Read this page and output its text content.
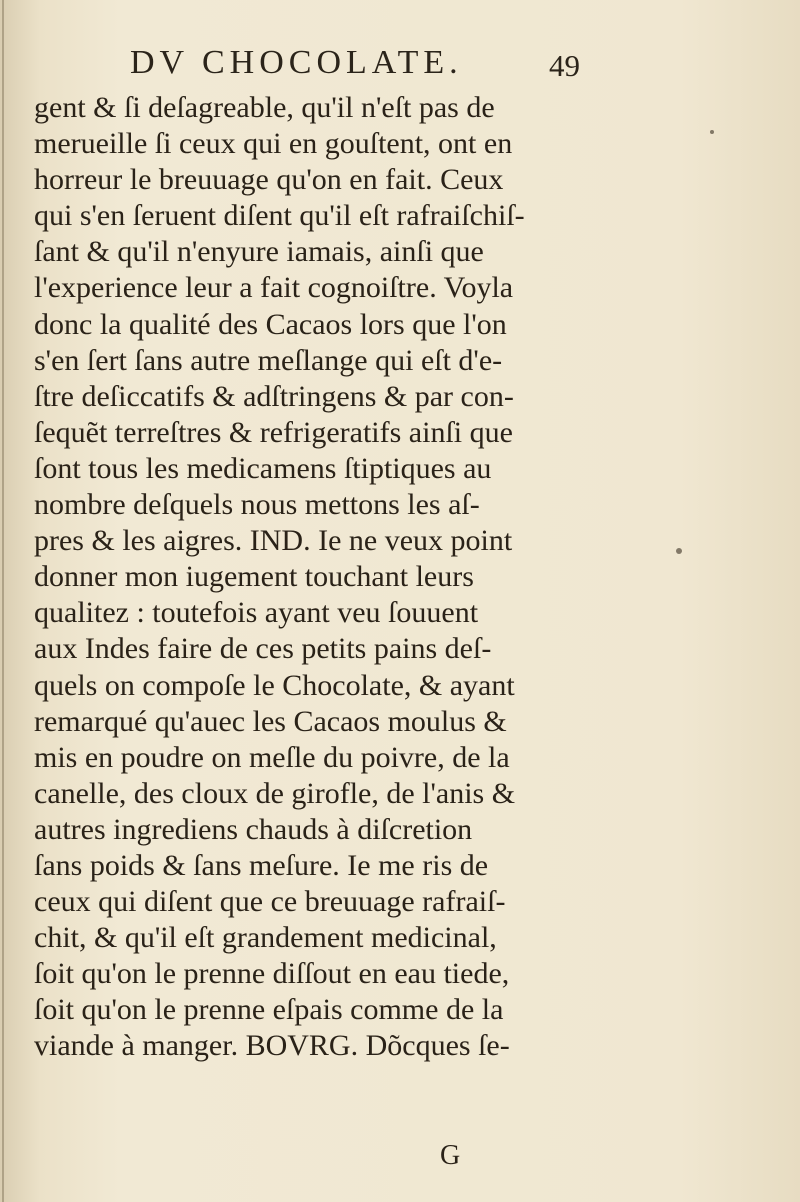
DV CHOCOLATE.	49
gent & ſi deſagreable, qu'il n'eſt pas de
merueille ſi ceux qui en gouſtent, ont en
horreur le breuuage qu'on en fait. Ceux
qui s'en ſeruent diſent qu'il eſt rafraiſchiſ-
ſant & qu'il n'enyure iamais, ainſi que
l'experience leur a fait cognoiſtre. Voyla
donc la qualité des Cacaos lors que l'on
s'en ſert ſans autre meſlange qui eſt d'e-
ſtre deſiccatifs & adſtringens & par con-
ſequẽt terreſtres & refrigeratifs ainſi que
ſont tous les medicamens ſtiptiques au
nombre deſquels nous mettons les aſ-
pres & les aigres. IND. Ie ne veux point
donner mon iugement touchant leurs
qualitez : toutefois ayant veu ſouuent
aux Indes faire de ces petits pains deſ-
quels on compoſe le Chocolate, & ayant
remarqué qu'auec les Cacaos moulus &
mis en poudre on meſle du poivre, de la
canelle, des cloux de girofle, de l'anis &
autres ingrediens chauds à diſcretion
ſans poids & ſans meſure. Ie me ris de
ceux qui diſent que ce breuuage rafraiſ-
chit, & qu'il eſt grandement medicinal,
ſoit qu'on le prenne diſſout en eau tiede,
ſoit qu'on le prenne eſpais comme de la
viande à manger. BOVRG. Dõcques ſe-
G
